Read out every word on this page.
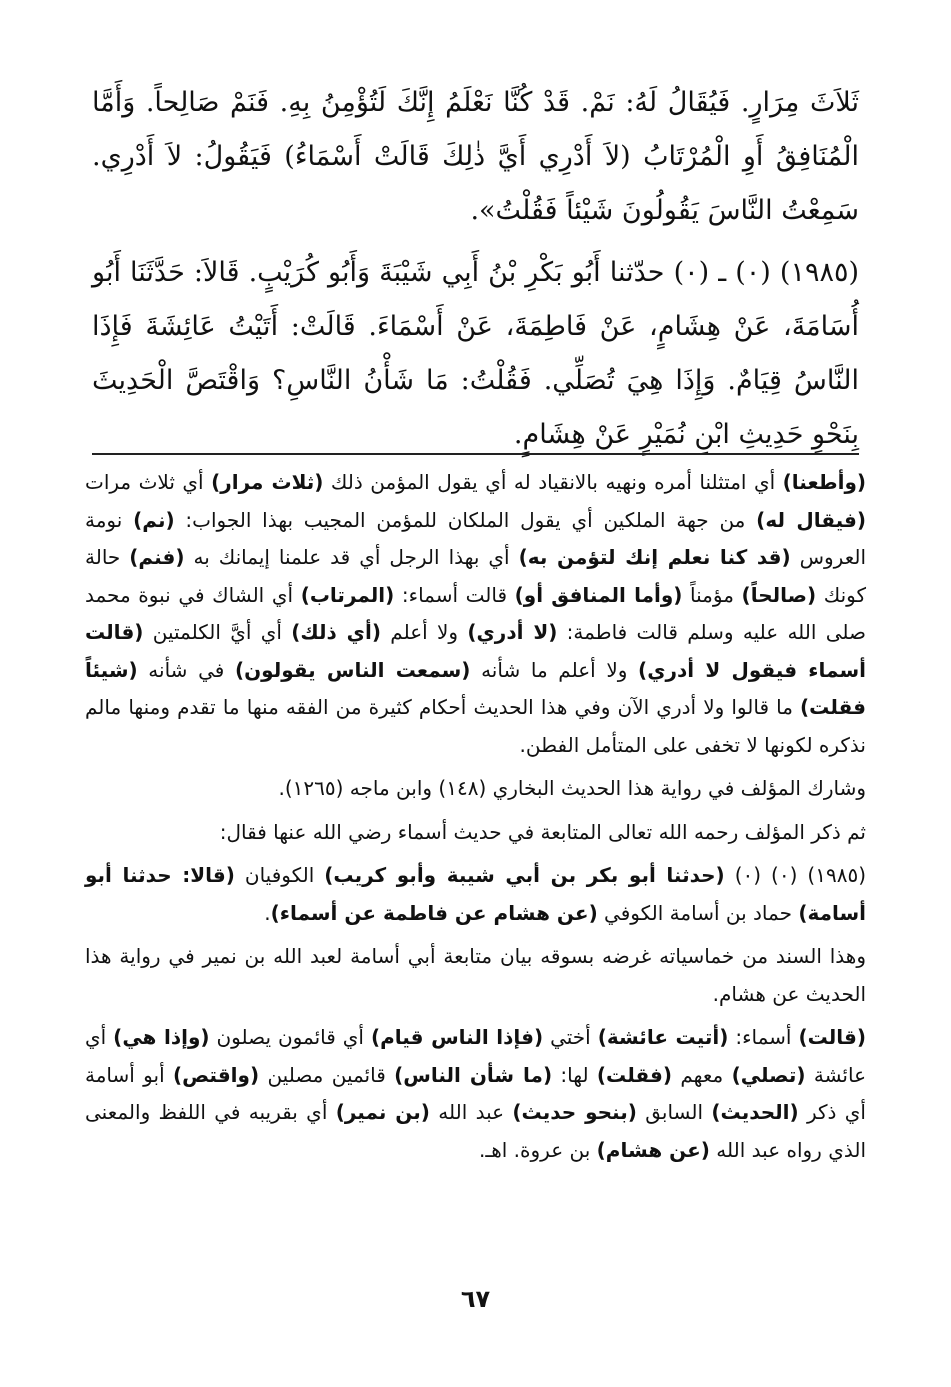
ثَلاَثَ مِرَارٍ. فَيُقَالُ لَهُ: نَمْ. قَدْ كُنَّا نَعْلَمُ إِنَّكَ لَتُؤْمِنُ بِهِ. فَنَمْ صَالِحاً. وَأَمَّا الْمُنَافِقُ أَوِ الْمُرْتَابُ (لاَ أَدْرِي أَيَّ ذٰلِكَ قَالَتْ أَسْمَاءُ) فَيَقُولُ: لاَ أَدْرِي. سَمِعْتُ النَّاسَ يَقُولُونَ شَيْئاً فَقُلْتُ».

(١٩٨٥) (٠) ـ (٠) حدّثنا أَبُو بَكْرِ بْنُ أَبِي شَيْبَةَ وَأَبُو كُرَيْبٍ. قَالاَ: حَدَّثَنَا أَبُو أُسَامَةَ، عَنْ هِشَامٍ، عَنْ فَاطِمَةَ، عَنْ أَسْمَاءَ. قَالَتْ: أَتَيْتُ عَائِشَةَ فَإِذَا النَّاسُ قِيَامٌ. وَإِذَا هِيَ تُصَلِّي. فَقُلْتُ: مَا شَأْنُ النَّاسِ؟ وَاقْتَصَّ الْحَدِيثَ بِنَحْوِ حَدِيثِ ابْنِ نُمَيْرٍ عَنْ هِشَامٍ.

(وأطعنا) أي امتثلنا أمره ونهيه بالانقياد له أي يقول المؤمن ذلك (ثلاث مرار) أي ثلاث مرات (فيقال له) من جهة الملكين أي يقول الملكان للمؤمن المجيب بهذا الجواب: (نم) نومة العروس (قد كنا نعلم إنك لتؤمن به) أي بهذا الرجل أي قد علمنا إيمانك به (فنم) حالة كونك (صالحاً) مؤمناً (وأما المنافق أو) قالت أسماء: (المرتاب) أي الشاك في نبوة محمد صلى الله عليه وسلم قالت فاطمة: (لا أدري) ولا أعلم (أي ذلك) أي أيَّ الكلمتين (قالت أسماء فيقول لا أدري) ولا أعلم ما شأنه (سمعت الناس يقولون) في شأنه (شيئاً فقلت) ما قالوا ولا أدري الآن وفي هذا الحديث أحكام كثيرة من الفقه منها ما تقدم ومنها مالم نذكره لكونها لا تخفى على المتأمل الفطن.

وشارك المؤلف في رواية هذا الحديث البخاري (١٤٨) وابن ماجه (١٢٦٥).

ثم ذكر المؤلف رحمه الله تعالى المتابعة في حديث أسماء رضي الله عنها فقال:

(١٩٨٥) (٠) (٠) (حدثنا أبو بكر بن أبي شيبة وأبو كريب) الكوفيان (قالا: حدثنا أبو أسامة) حماد بن أسامة الكوفي (عن هشام عن فاطمة عن أسماء).

وهذا السند من خماسياته غرضه بسوقه بيان متابعة أبي أسامة لعبد الله بن نمير في رواية هذا الحديث عن هشام.

(قالت) أسماء: (أتيت عائشة) أختي (فإذا الناس قيام) أي قائمون يصلون (وإذا هي) أي عائشة (تصلي) معهم (فقلت) لها: (ما شأن الناس) قائمين مصلين (واقتص) أبو أسامة أي ذكر (الحديث) السابق (بنحو حديث) عبد الله (بن نمير) أي بقريبه في اللفظ والمعنى الذي رواه عبد الله (عن هشام) بن عروة. اهـ.

٦٧
